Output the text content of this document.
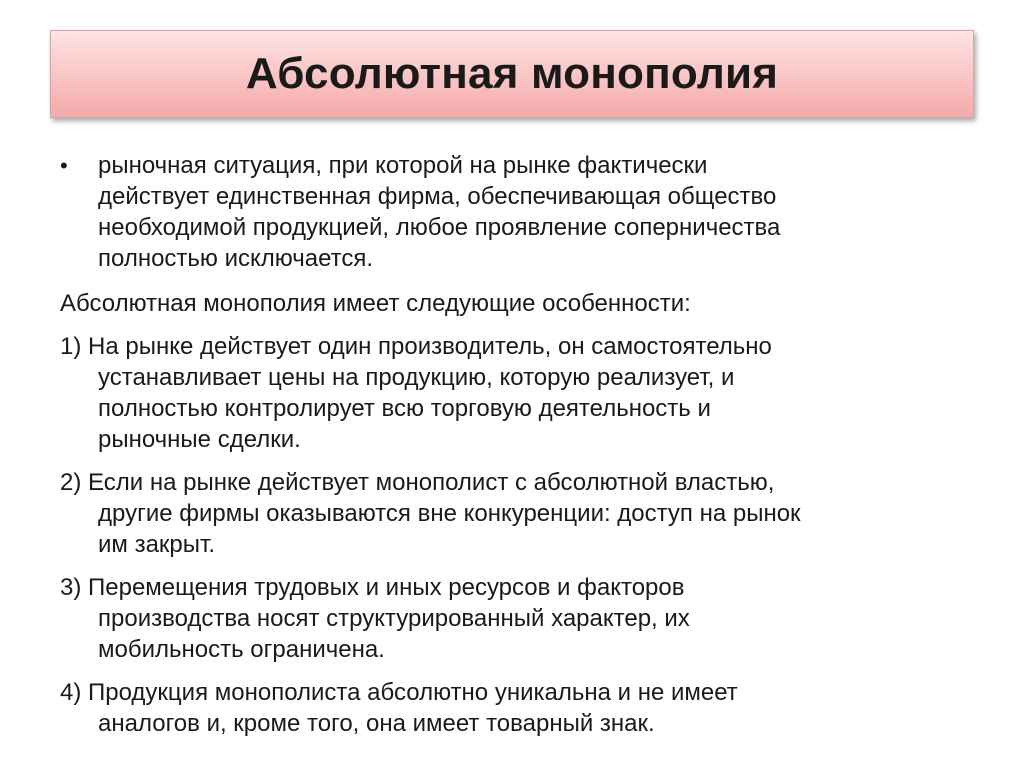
Абсолютная монополия
•	рыночная ситуация, при которой на рынке фактически
действует единственная фирма, обеспечивающая общество
необходимой продукцией, любое проявление соперничества
полностью исключается.
Абсолютная монополия имеет следующие особенности:
1) На рынке действует один производитель, он самостоятельно
устанавливает цены на продукцию, которую реализует, и
полностью контролирует всю торговую деятельность и
рыночные сделки.
2) Если на рынке действует монополист с абсолютной властью,
другие фирмы оказываются вне конкуренции: доступ на рынок
им закрыт.
3) Перемещения трудовых и иных ресурсов и факторов
производства носят структурированный характер, их
мобильность ограничена.
4) Продукция монополиста абсолютно уникальна и не имеет
аналогов и, кроме того, она имеет товарный знак.
